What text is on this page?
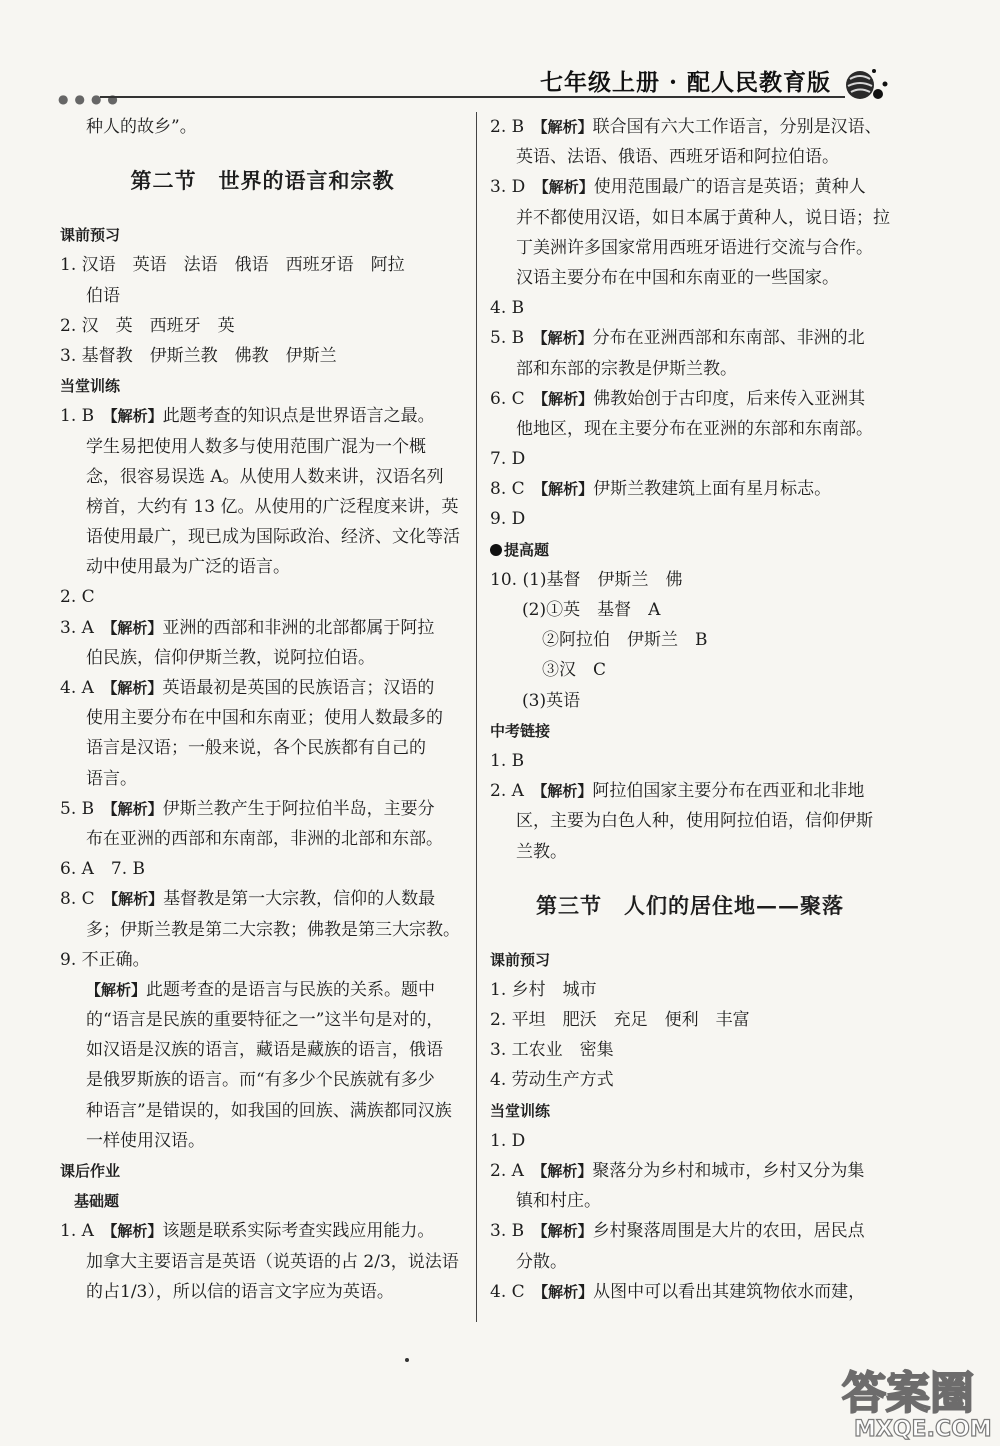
●●●●
七年级上册 · 配人民教育版
种人的故乡”。
第二节　世界的语言和宗教
课前预习
1. 汉语　英语　法语　俄语　西班牙语　阿拉
伯语
2. 汉　英　西班牙　英
3. 基督教　伊斯兰教　佛教　伊斯兰
当堂训练
1. B  【解析】此题考查的知识点是世界语言之最。
学生易把使用人数多与使用范围广混为一个概
念，很容易误选 A。从使用人数来讲，汉语名列
榜首，大约有 13 亿。从使用的广泛程度来讲，英
语使用最广，现已成为国际政治、经济、文化等活
动中使用最为广泛的语言。
2. C
3. A  【解析】亚洲的西部和非洲的北部都属于阿拉
伯民族，信仰伊斯兰教，说阿拉伯语。
4. A  【解析】英语最初是英国的民族语言；汉语的
使用主要分布在中国和东南亚；使用人数最多的
语言是汉语；一般来说，各个民族都有自己的
语言。
5. B  【解析】伊斯兰教产生于阿拉伯半岛，主要分
布在亚洲的西部和东南部，非洲的北部和东部。
6. A　7. B
8. C  【解析】基督教是第一大宗教，信仰的人数最
多；伊斯兰教是第二大宗教；佛教是第三大宗教。
9. 不正确。
【解析】此题考查的是语言与民族的关系。题中
的“语言是民族的重要特征之一”这半句是对的，
如汉语是汉族的语言，藏语是藏族的语言，俄语
是俄罗斯族的语言。而“有多少个民族就有多少
种语言”是错误的，如我国的回族、满族都同汉族
一样使用汉语。
课后作业
基础题
1. A  【解析】该题是联系实际考查实践应用能力。
加拿大主要语言是英语（说英语的占 2/3，说法语
的占1/3），所以信的语言文字应为英语。
2. B  【解析】联合国有六大工作语言，分别是汉语、
英语、法语、俄语、西班牙语和阿拉伯语。
3. D  【解析】使用范围最广的语言是英语；黄种人
并不都使用汉语，如日本属于黄种人，说日语；拉
丁美洲许多国家常用西班牙语进行交流与合作。
汉语主要分布在中国和东南亚的一些国家。
4. B
5. B  【解析】分布在亚洲西部和东南部、非洲的北
部和东部的宗教是伊斯兰教。
6. C  【解析】佛教始创于古印度，后来传入亚洲其
他地区，现在主要分布在亚洲的东部和东南部。
7. D
8. C  【解析】伊斯兰教建筑上面有星月标志。
9. D
提高题
10. (1)基督　伊斯兰　佛
(2)①英　基督　A
②阿拉伯　伊斯兰　B
③汉　C
(3)英语
中考链接
1. B
2. A  【解析】阿拉伯国家主要分布在西亚和北非地
区，主要为白色人种，使用阿拉伯语，信仰伊斯
兰教。
第三节　人们的居住地——聚落
课前预习
1. 乡村　城市
2. 平坦　肥沃　充足　便利　丰富
3. 工农业　密集
4. 劳动生产方式
当堂训练
1. D
2. A  【解析】聚落分为乡村和城市，乡村又分为集
镇和村庄。
3. B  【解析】乡村聚落周围是大片的农田，居民点
分散。
4. C  【解析】从图中可以看出其建筑物依水而建，
答案圈
MXQE.COM
